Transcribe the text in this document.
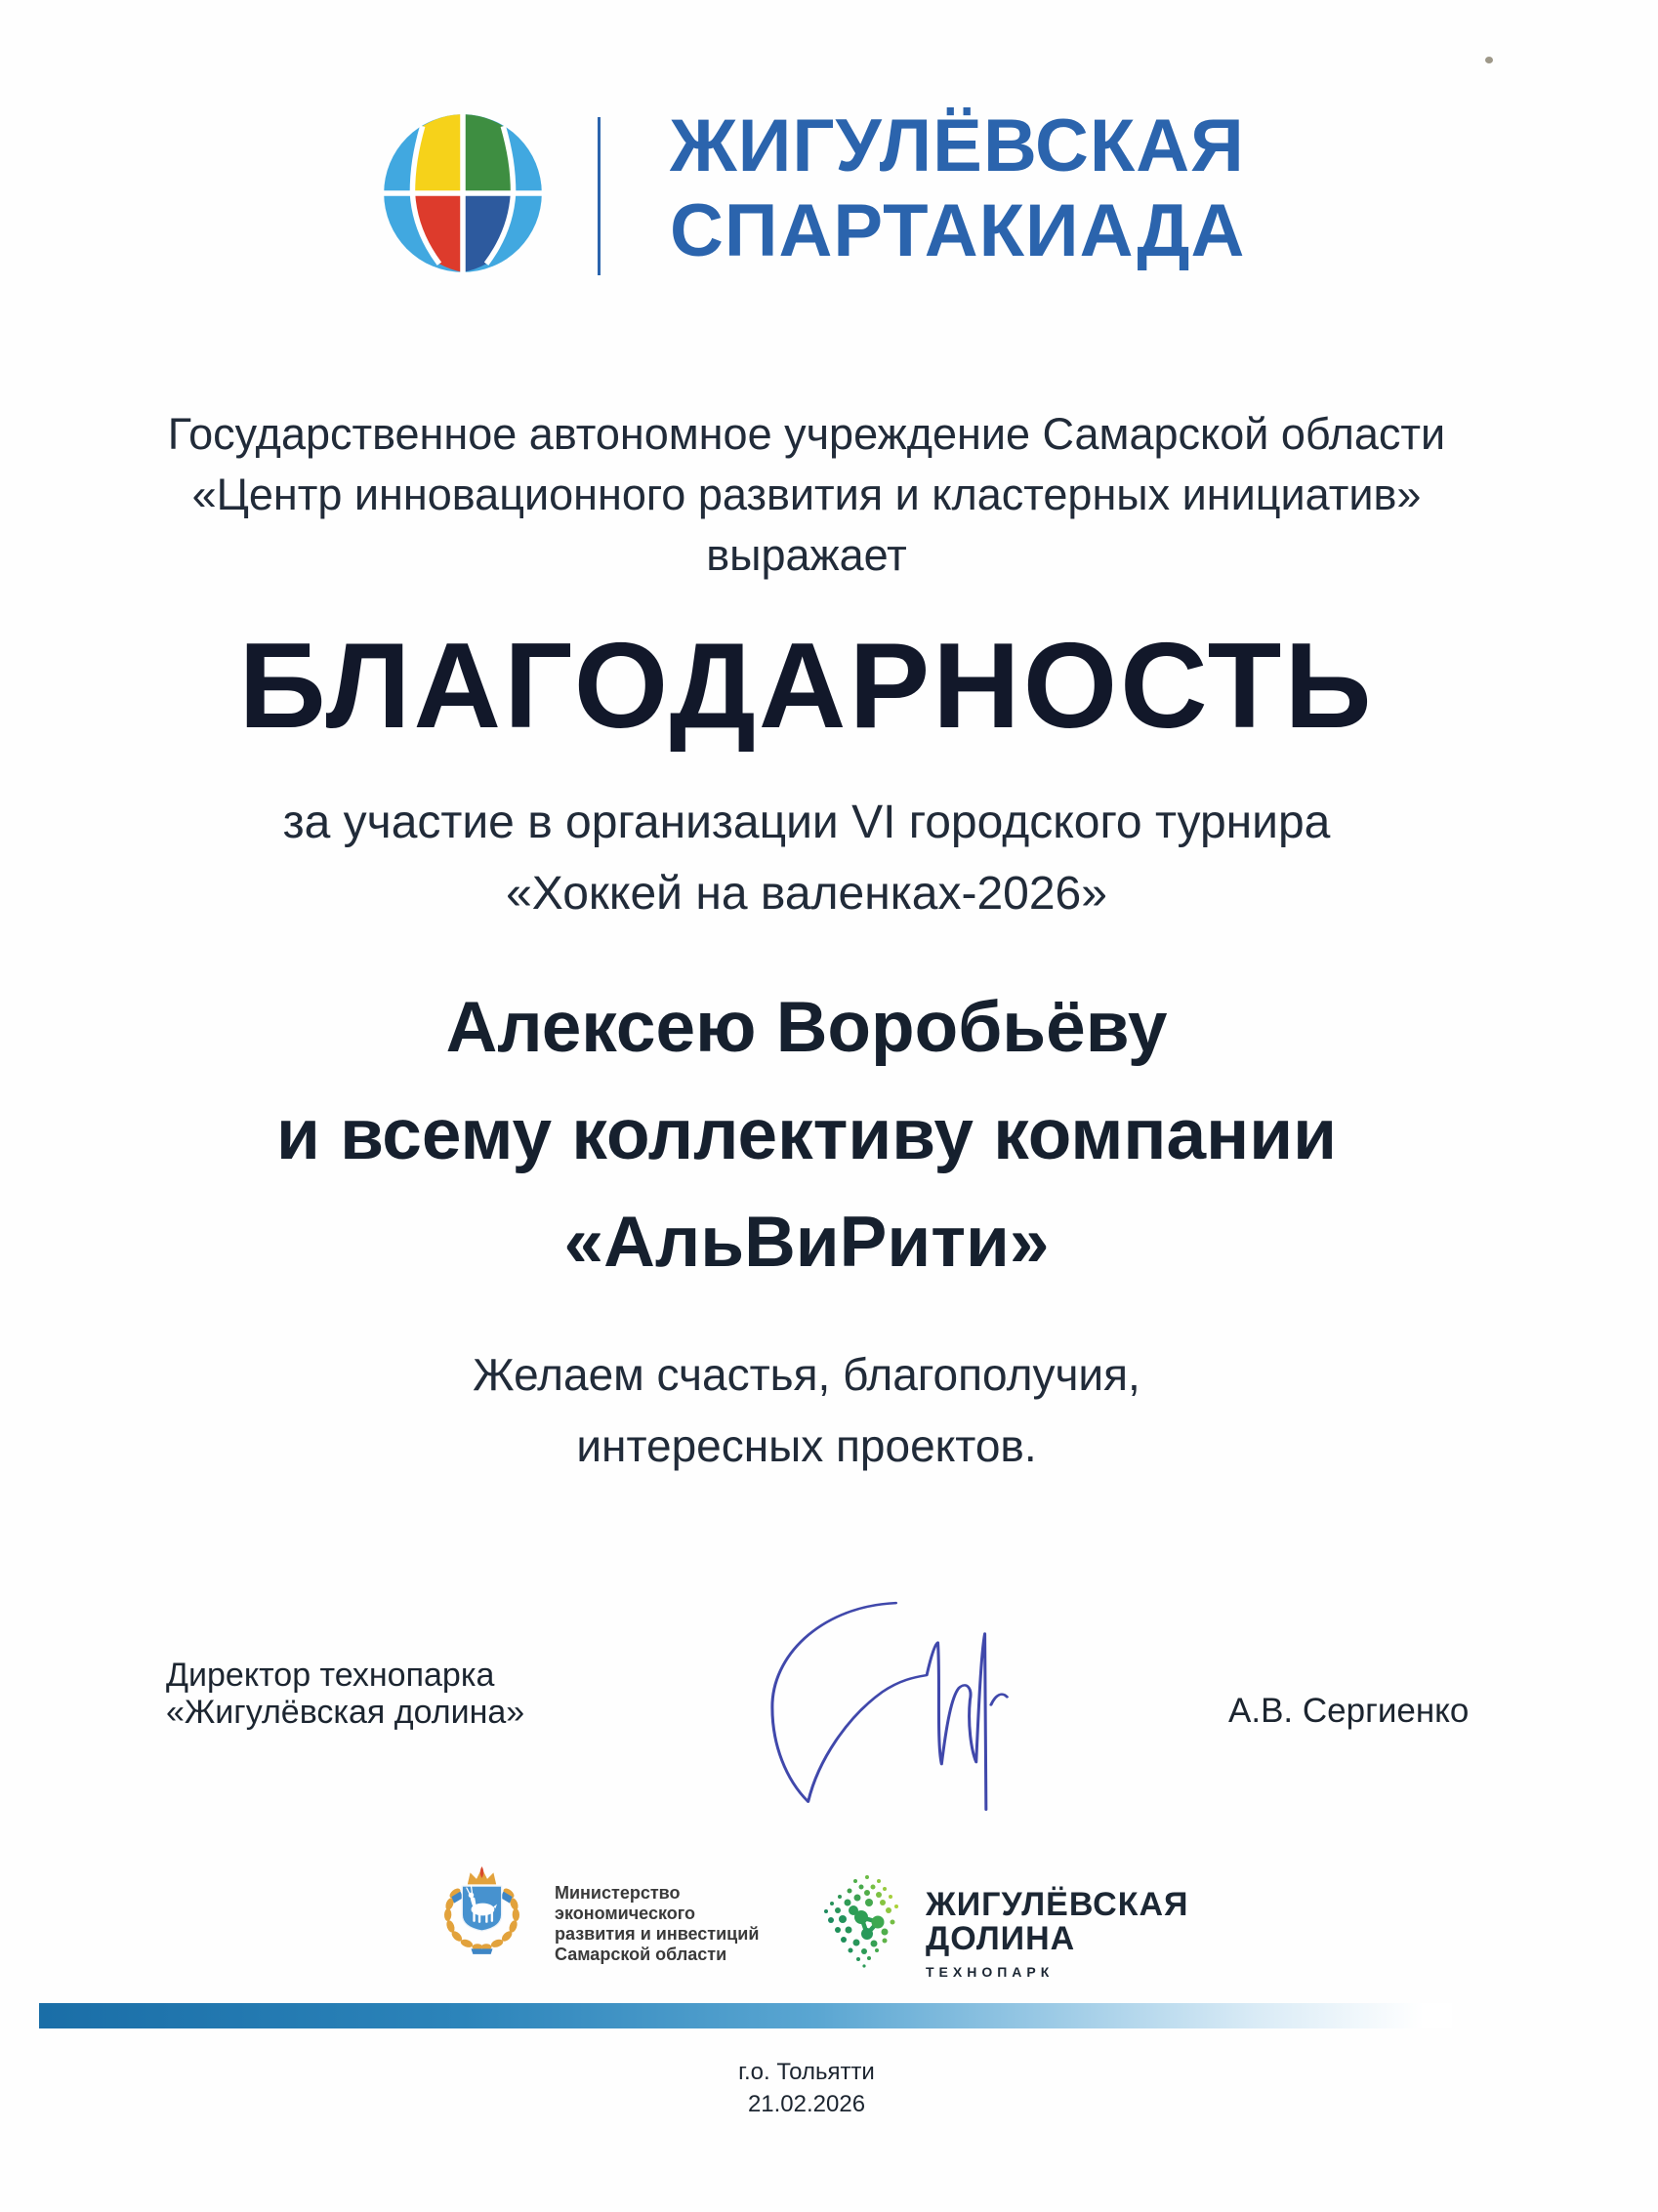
ЖИГУЛЁВСКАЯ
СПАРТАКИАДА
Государственное автономное учреждение Самарской области
«Центр инновационного развития и кластерных инициатив»
выражает
БЛАГОДАРНОСТЬ
за участие в организации VI городского турнира
«Хоккей на валенках-2026»
Алексею Воробьёву
и всему коллективу компании
«АльВиРити»
Желаем счастья, благополучия,
интересных проектов.
Директор технопарка
«Жигулёвская долина»	А.В. Сергиенко
Министерство
экономического
развития и инвестиций
Самарской области
ЖИГУЛЁВСКАЯ
ДОЛИНА
ТЕХНОПАРК
г.о. Тольятти
21.02.2026
